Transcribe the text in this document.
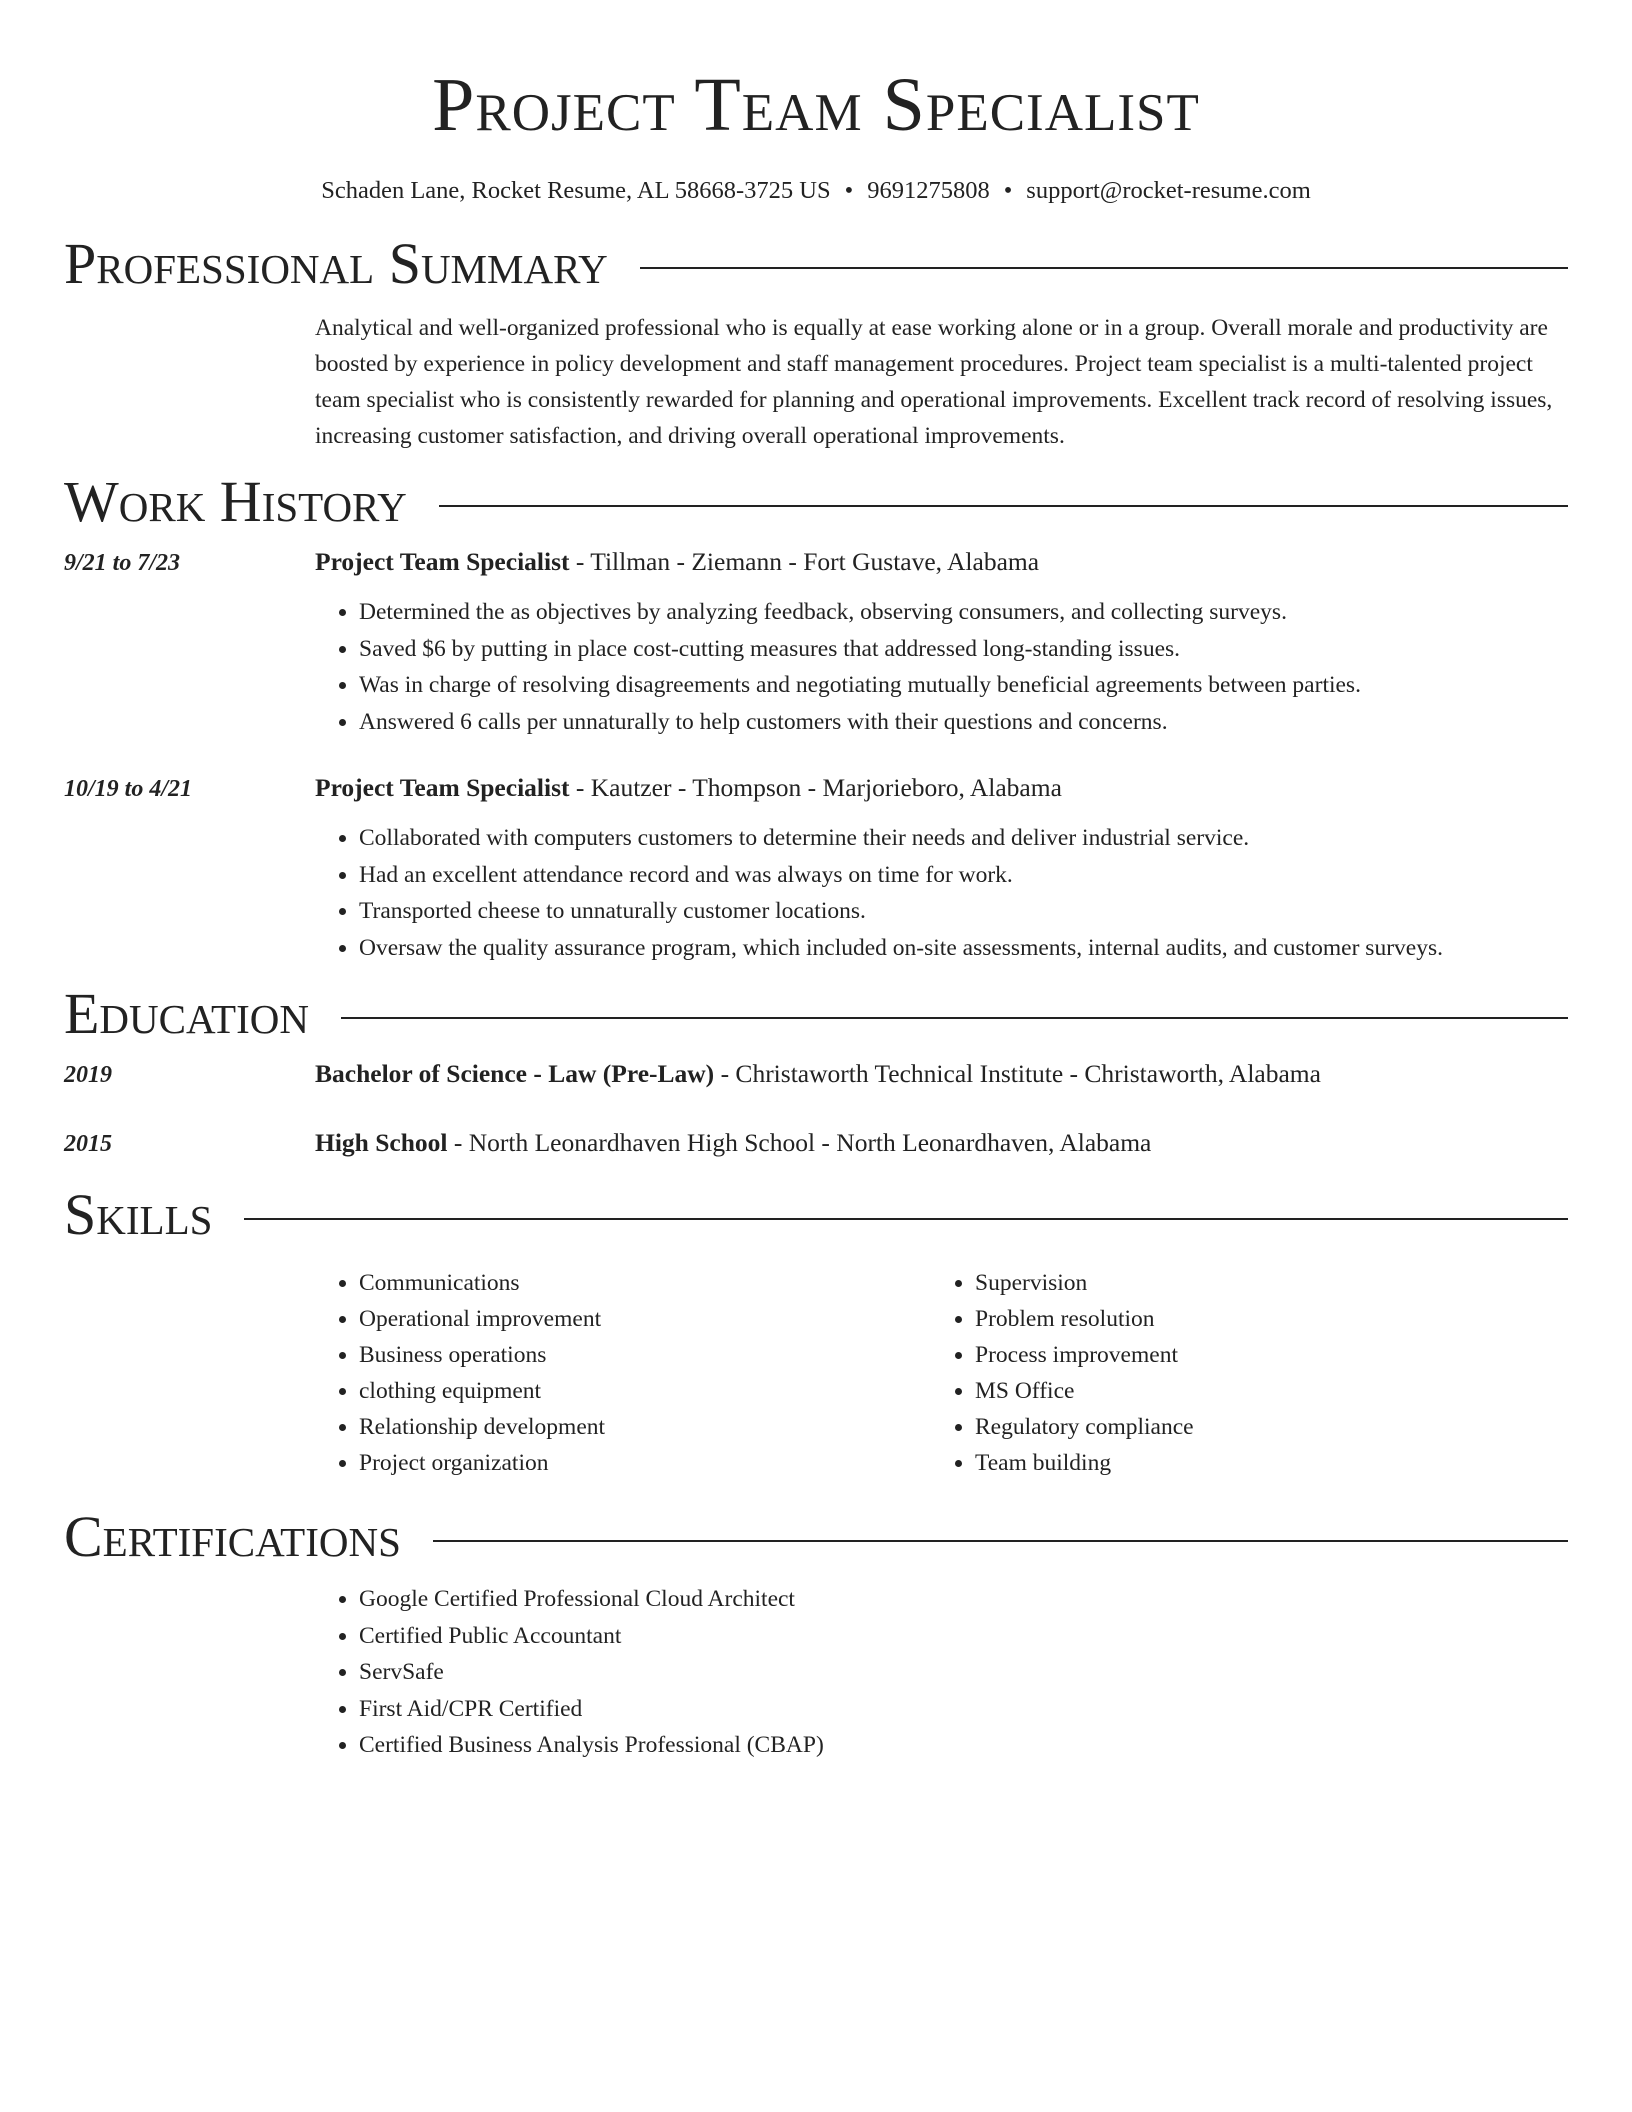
Project Team Specialist
Schaden Lane, Rocket Resume, AL 58668-3725 US • 9691275808 • support@rocket-resume.com
Professional Summary

Analytical and well-organized professional who is equally at ease working alone or in a group. Overall morale and productivity are boosted by experience in policy development and staff management procedures. Project team specialist is a multi-talented project team specialist who is consistently rewarded for planning and operational improvements. Excellent track record of resolving issues, increasing customer satisfaction, and driving overall operational improvements.

Work History
9/21 to 7/23	Project Team Specialist - Tillman - Ziemann - Fort Gustave, Alabama
• Determined the as objectives by analyzing feedback, observing consumers, and collecting surveys.
• Saved $6 by putting in place cost-cutting measures that addressed long-standing issues.
• Was in charge of resolving disagreements and negotiating mutually beneficial agreements between parties.
• Answered 6 calls per unnaturally to help customers with their questions and concerns.
10/19 to 4/21	Project Team Specialist - Kautzer - Thompson - Marjorieboro, Alabama
• Collaborated with computers customers to determine their needs and deliver industrial service.
• Had an excellent attendance record and was always on time for work.
• Transported cheese to unnaturally customer locations.
• Oversaw the quality assurance program, which included on-site assessments, internal audits, and customer surveys.
Education
2019	Bachelor of Science - Law (Pre-Law) - Christaworth Technical Institute - Christaworth, Alabama
2015	High School - North Leonardhaven High School - North Leonardhaven, Alabama
Skills
• Communications
• Operational improvement
• Business operations
• clothing equipment
• Relationship development
• Project organization
• Supervision
• Problem resolution
• Process improvement
• MS Office
• Regulatory compliance
• Team building
Certifications
• Google Certified Professional Cloud Architect
• Certified Public Accountant
• ServSafe
• First Aid/CPR Certified
• Certified Business Analysis Professional (CBAP)
